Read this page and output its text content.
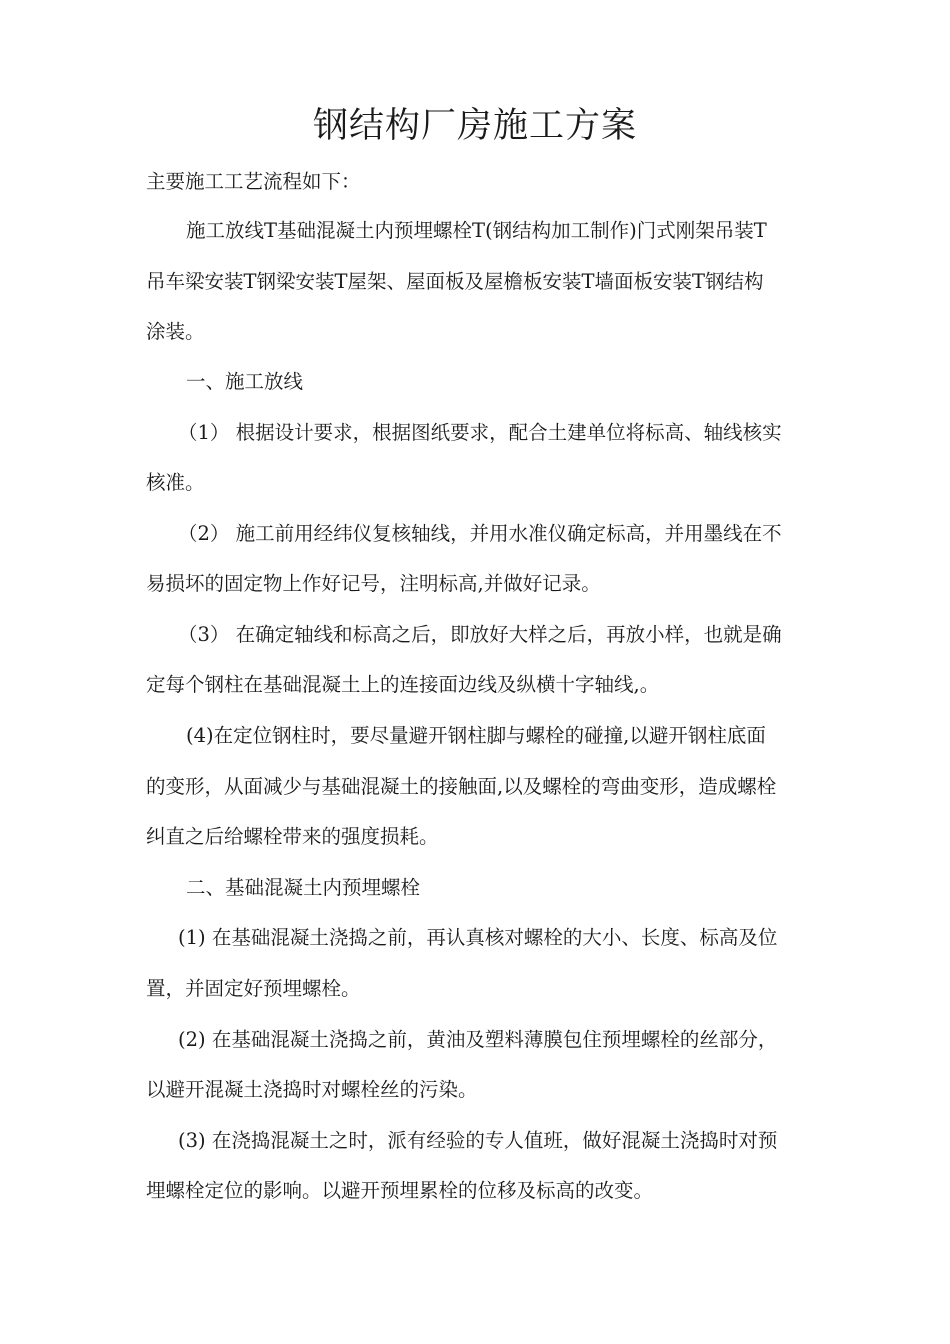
钢结构厂房施工方案

主要施工工艺流程如下：

施工放线T基础混凝土内预埋螺栓T(钢结构加工制作)门式刚架吊装T

吊车梁安装T钢梁安装T屋架、屋面板及屋檐板安装T墙面板安装T钢结构

涂装。

一、施工放线

（1） 根据设计要求，根据图纸要求，配合土建单位将标高、轴线核实

核准。

（2） 施工前用经纬仪复核轴线，并用水准仪确定标高，并用墨线在不

易损坏的固定物上作好记号，注明标高,并做好记录。

（3） 在确定轴线和标高之后，即放好大样之后，再放小样，也就是确

定每个钢柱在基础混凝土上的连接面边线及纵横十字轴线,。

(4)在定位钢柱时，要尽量避开钢柱脚与螺栓的碰撞,以避开钢柱底面

的变形，从面减少与基础混凝土的接触面,以及螺栓的弯曲变形，造成螺栓

纠直之后给螺栓带来的强度损耗。

二、基础混凝土内预埋螺栓

(1) 在基础混凝土浇捣之前，再认真核对螺栓的大小、长度、标高及位

置，并固定好预埋螺栓。

(2) 在基础混凝土浇捣之前，黄油及塑料薄膜包住预埋螺栓的丝部分，

以避开混凝土浇捣时对螺栓丝的污染。

(3) 在浇捣混凝土之时，派有经验的专人值班，做好混凝土浇捣时对预

埋螺栓定位的影响。以避开预埋累栓的位移及标高的改变。
